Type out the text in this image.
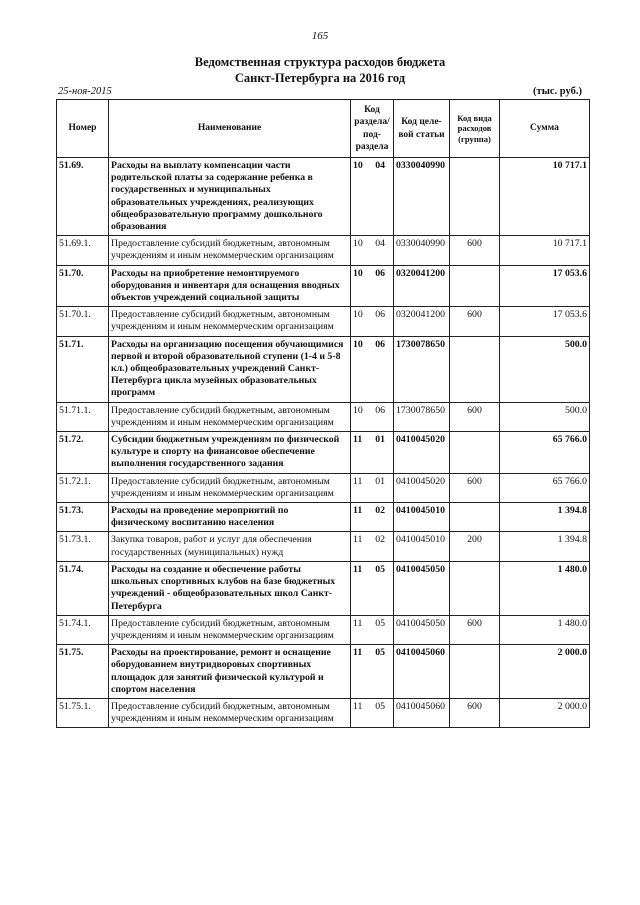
165
Ведомственная структура расходов бюджета
Санкт-Петербурга на 2016 год
25-ноя-2015	(тыс. руб.)
Номер	Наименование	Код раздела/ под-раздела	Код целе-вой статьи	Код вида расходов (группа)	Сумма
51.69.	Расходы на выплату компенсации части родительской платы за содержание ребенка в государственных и муниципальных образовательных учреждениях, реализующих общеобразовательную программу дошкольного образования	10 04	0330040990		10 717.1
51.69.1.	Предоставление субсидий бюджетным, автономным учреждениям и иным некоммерческим организациям	10 04	0330040990	600	10 717.1
51.70.	Расходы на приобретение немонтируемого оборудования и инвентаря для оснащения вводных объектов учреждений социальной защиты	10 06	0320041200		17 053.6
51.70.1.	Предоставление субсидий бюджетным, автономным учреждениям и иным некоммерческим организациям	10 06	0320041200	600	17 053.6
51.71.	Расходы на организацию посещения обучающимися первой и второй образовательной ступени (1-4 и 5-8 кл.) общеобразовательных учреждений Санкт-Петербурга цикла музейных образовательных программ	10 06	1730078650		500.0
51.71.1.	Предоставление субсидий бюджетным, автономным учреждениям и иным некоммерческим организациям	10 06	1730078650	600	500.0
51.72.	Субсидии бюджетным учреждениям по физической культуре и спорту на финансовое обеспечение выполнения государственного задания	11 01	0410045020		65 766.0
51.72.1.	Предоставление субсидий бюджетным, автономным учреждениям и иным некоммерческим организациям	11 01	0410045020	600	65 766.0
51.73.	Расходы на проведение мероприятий по физическому воспитанию населения	11 02	0410045010		1 394.8
51.73.1.	Закупка товаров, работ и услуг для обеспечения государственных (муниципальных) нужд	11 02	0410045010	200	1 394.8
51.74.	Расходы на создание и обеспечение работы школьных спортивных клубов на базе бюджетных учреждений - общеобразовательных школ Санкт-Петербурга	11 05	0410045050		1 480.0
51.74.1.	Предоставление субсидий бюджетным, автономным учреждениям и иным некоммерческим организациям	11 05	0410045050	600	1 480.0
51.75.	Расходы на проектирование, ремонт и оснащение оборудованием внутридворовых спортивных площадок для занятий физической культурой и спортом населения	11 05	0410045060		2 000.0
51.75.1.	Предоставление субсидий бюджетным, автономным учреждениям и иным некоммерческим организациям	11 05	0410045060	600	2 000.0
